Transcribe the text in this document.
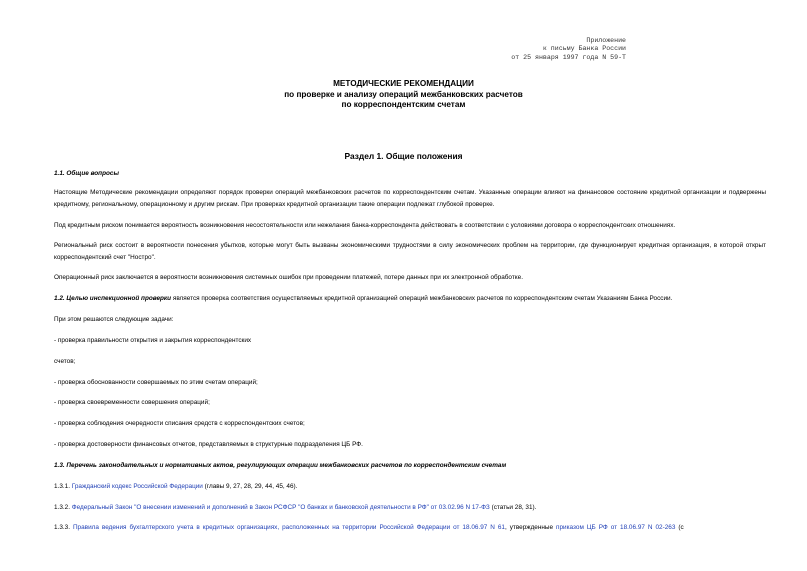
Приложение
к письму Банка России
от 25 января 1997 года N 59-Т
МЕТОДИЧЕСКИЕ РЕКОМЕНДАЦИИ
по проверке и анализу операций межбанковских расчетов
по корреспондентским счетам
Раздел 1. Общие положения
1.1. Общие вопросы
Настоящие Методические рекомендации определяют порядок проверки операций межбанковских расчетов по корреспондентским счетам. Указанные операции влияют на финансовое состояние кредитной организации и подвержены кредитному, региональному, операционному и другим рискам. При проверках кредитной организации такие операции подлежат глубокой проверке.
Под кредитным риском понимается вероятность возникновения несостоятельности или нежелания банка-корреспондента действовать в соответствии с условиями договора о корреспондентских отношениях.
Региональный риск состоит в вероятности понесения убытков, которые могут быть вызваны экономическими трудностями в силу экономических проблем на территории, где функционирует кредитная организация, в которой открыт корреспондентский счет "Ностро".
Операционный риск заключается в вероятности возникновения системных ошибок при проведении платежей, потере данных при их электронной обработке.
1.2. Целью инспекционной проверки является проверка соответствия осуществляемых кредитной организацией операций межбанковских расчетов по корреспондентским счетам Указаниям Банка России.
При этом решаются следующие задачи:
- проверка правильности открытия и закрытия корреспондентских
счетов;
- проверка обоснованности совершаемых по этим счетам операций;
- проверка своевременности совершения операций;
- проверка соблюдения очередности списания средств с корреспондентских счетов;
- проверка достоверности финансовых отчетов, представляемых в структурные подразделения ЦБ РФ.
1.3. Перечень законодательных и нормативных актов, регулирующих операции межбанковских расчетов по корреспондентским счетам
1.3.1. Гражданский кодекс Российской Федерации (главы 9, 27, 28, 29, 44, 45, 46).
1.3.2. Федеральный Закон "О внесении изменений и дополнений в Закон РСФСР "О банках и банковской деятельности в РФ" от 03.02.96 N 17-ФЗ (статьи 28, 31).
1.3.3. Правила ведения бухгалтерского учета в кредитных организациях, расположенных на территории Российской Федерации от 18.06.97 N 61, утвержденные приказом ЦБ РФ от 18.06.97 N 02-263 (с
